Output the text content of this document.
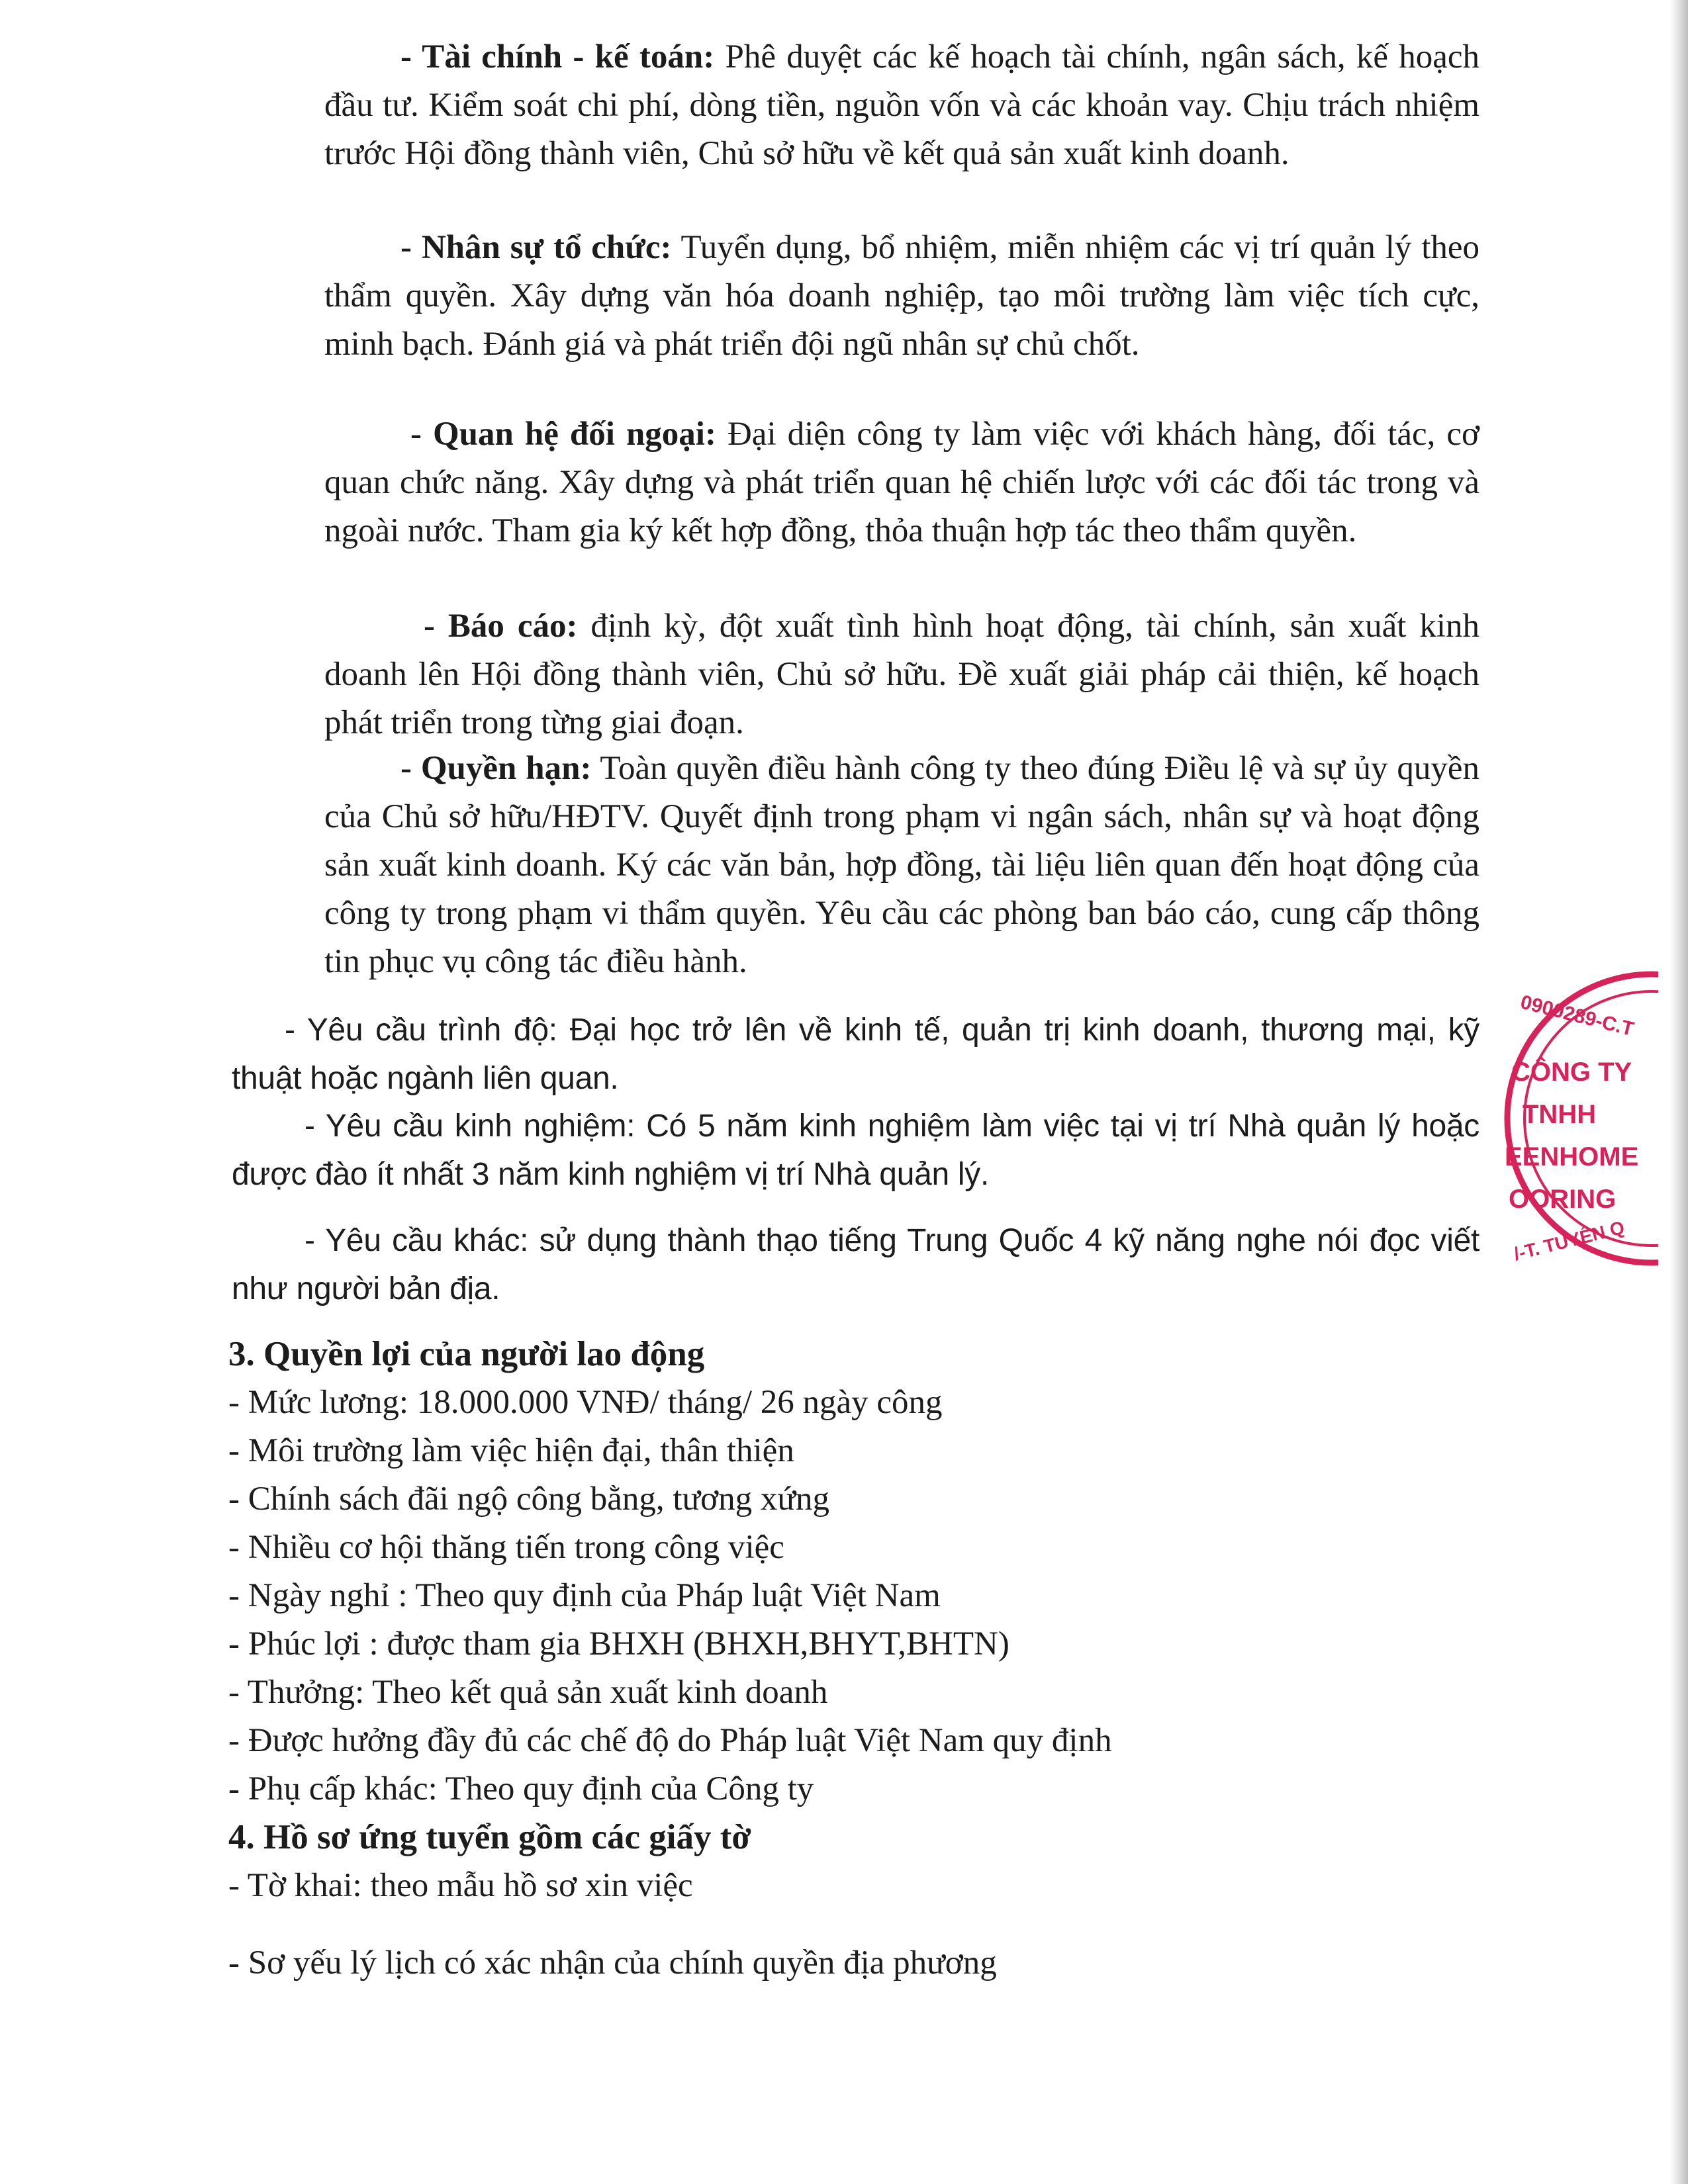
- Tài chính - kế toán: Phê duyệt các kế hoạch tài chính, ngân sách, kế hoạch đầu tư. Kiểm soát chi phí, dòng tiền, nguồn vốn và các khoản vay. Chịu trách nhiệm trước Hội đồng thành viên, Chủ sở hữu về kết quả sản xuất kinh doanh.

- Nhân sự tổ chức: Tuyển dụng, bổ nhiệm, miễn nhiệm các vị trí quản lý theo thẩm quyền. Xây dựng văn hóa doanh nghiệp, tạo môi trường làm việc tích cực, minh bạch. Đánh giá và phát triển đội ngũ nhân sự chủ chốt.

- Quan hệ đối ngoại: Đại diện công ty làm việc với khách hàng, đối tác, cơ quan chức năng. Xây dựng và phát triển quan hệ chiến lược với các đối tác trong và ngoài nước. Tham gia ký kết hợp đồng, thỏa thuận hợp tác theo thẩm quyền.

- Báo cáo: định kỳ, đột xuất tình hình hoạt động, tài chính, sản xuất kinh doanh lên Hội đồng thành viên, Chủ sở hữu. Đề xuất giải pháp cải thiện, kế hoạch phát triển trong từng giai đoạn.

- Quyền hạn: Toàn quyền điều hành công ty theo đúng Điều lệ và sự ủy quyền của Chủ sở hữu/HĐTV. Quyết định trong phạm vi ngân sách, nhân sự và hoạt động sản xuất kinh doanh. Ký các văn bản, hợp đồng, tài liệu liên quan đến hoạt động của công ty trong phạm vi thẩm quyền. Yêu cầu các phòng ban báo cáo, cung cấp thông tin phục vụ công tác điều hành.

- Yêu cầu trình độ: Đại học trở lên về kinh tế, quản trị kinh doanh, thương mại, kỹ thuật hoặc ngành liên quan.

- Yêu cầu kinh nghiệm: Có 5 năm kinh nghiệm làm việc tại vị trí Nhà quản lý hoặc được đào ít nhất 3 năm kinh nghiệm vị trí Nhà quản lý.

- Yêu cầu khác: sử dụng thành thạo tiếng Trung Quốc 4 kỹ năng nghe nói đọc viết như người bản địa.

3. Quyền lợi của người lao động

- Mức lương: 18.000.000 VNĐ/ tháng/ 26 ngày công

- Môi trường làm việc hiện đại, thân thiện

- Chính sách đãi ngộ công bằng, tương xứng

- Nhiều cơ hội thăng tiến trong công việc

- Ngày nghỉ : Theo quy định của Pháp luật Việt Nam

- Phúc lợi : được tham gia BHXH (BHXH,BHYT,BHTN)

- Thưởng: Theo kết quả sản xuất kinh doanh

- Được hưởng đầy đủ các chế độ do Pháp luật Việt Nam quy định

- Phụ cấp khác: Theo quy định của Công ty

4. Hồ sơ ứng tuyển gồm các giấy tờ

- Tờ khai: theo mẫu hồ sơ xin việc

- Sơ yếu lý lịch có xác nhận của chính quyền địa phương

0900289-C.T
CÔNG TY
TNHH
EENHOME
OORING
/-T. TUYÊN Q
